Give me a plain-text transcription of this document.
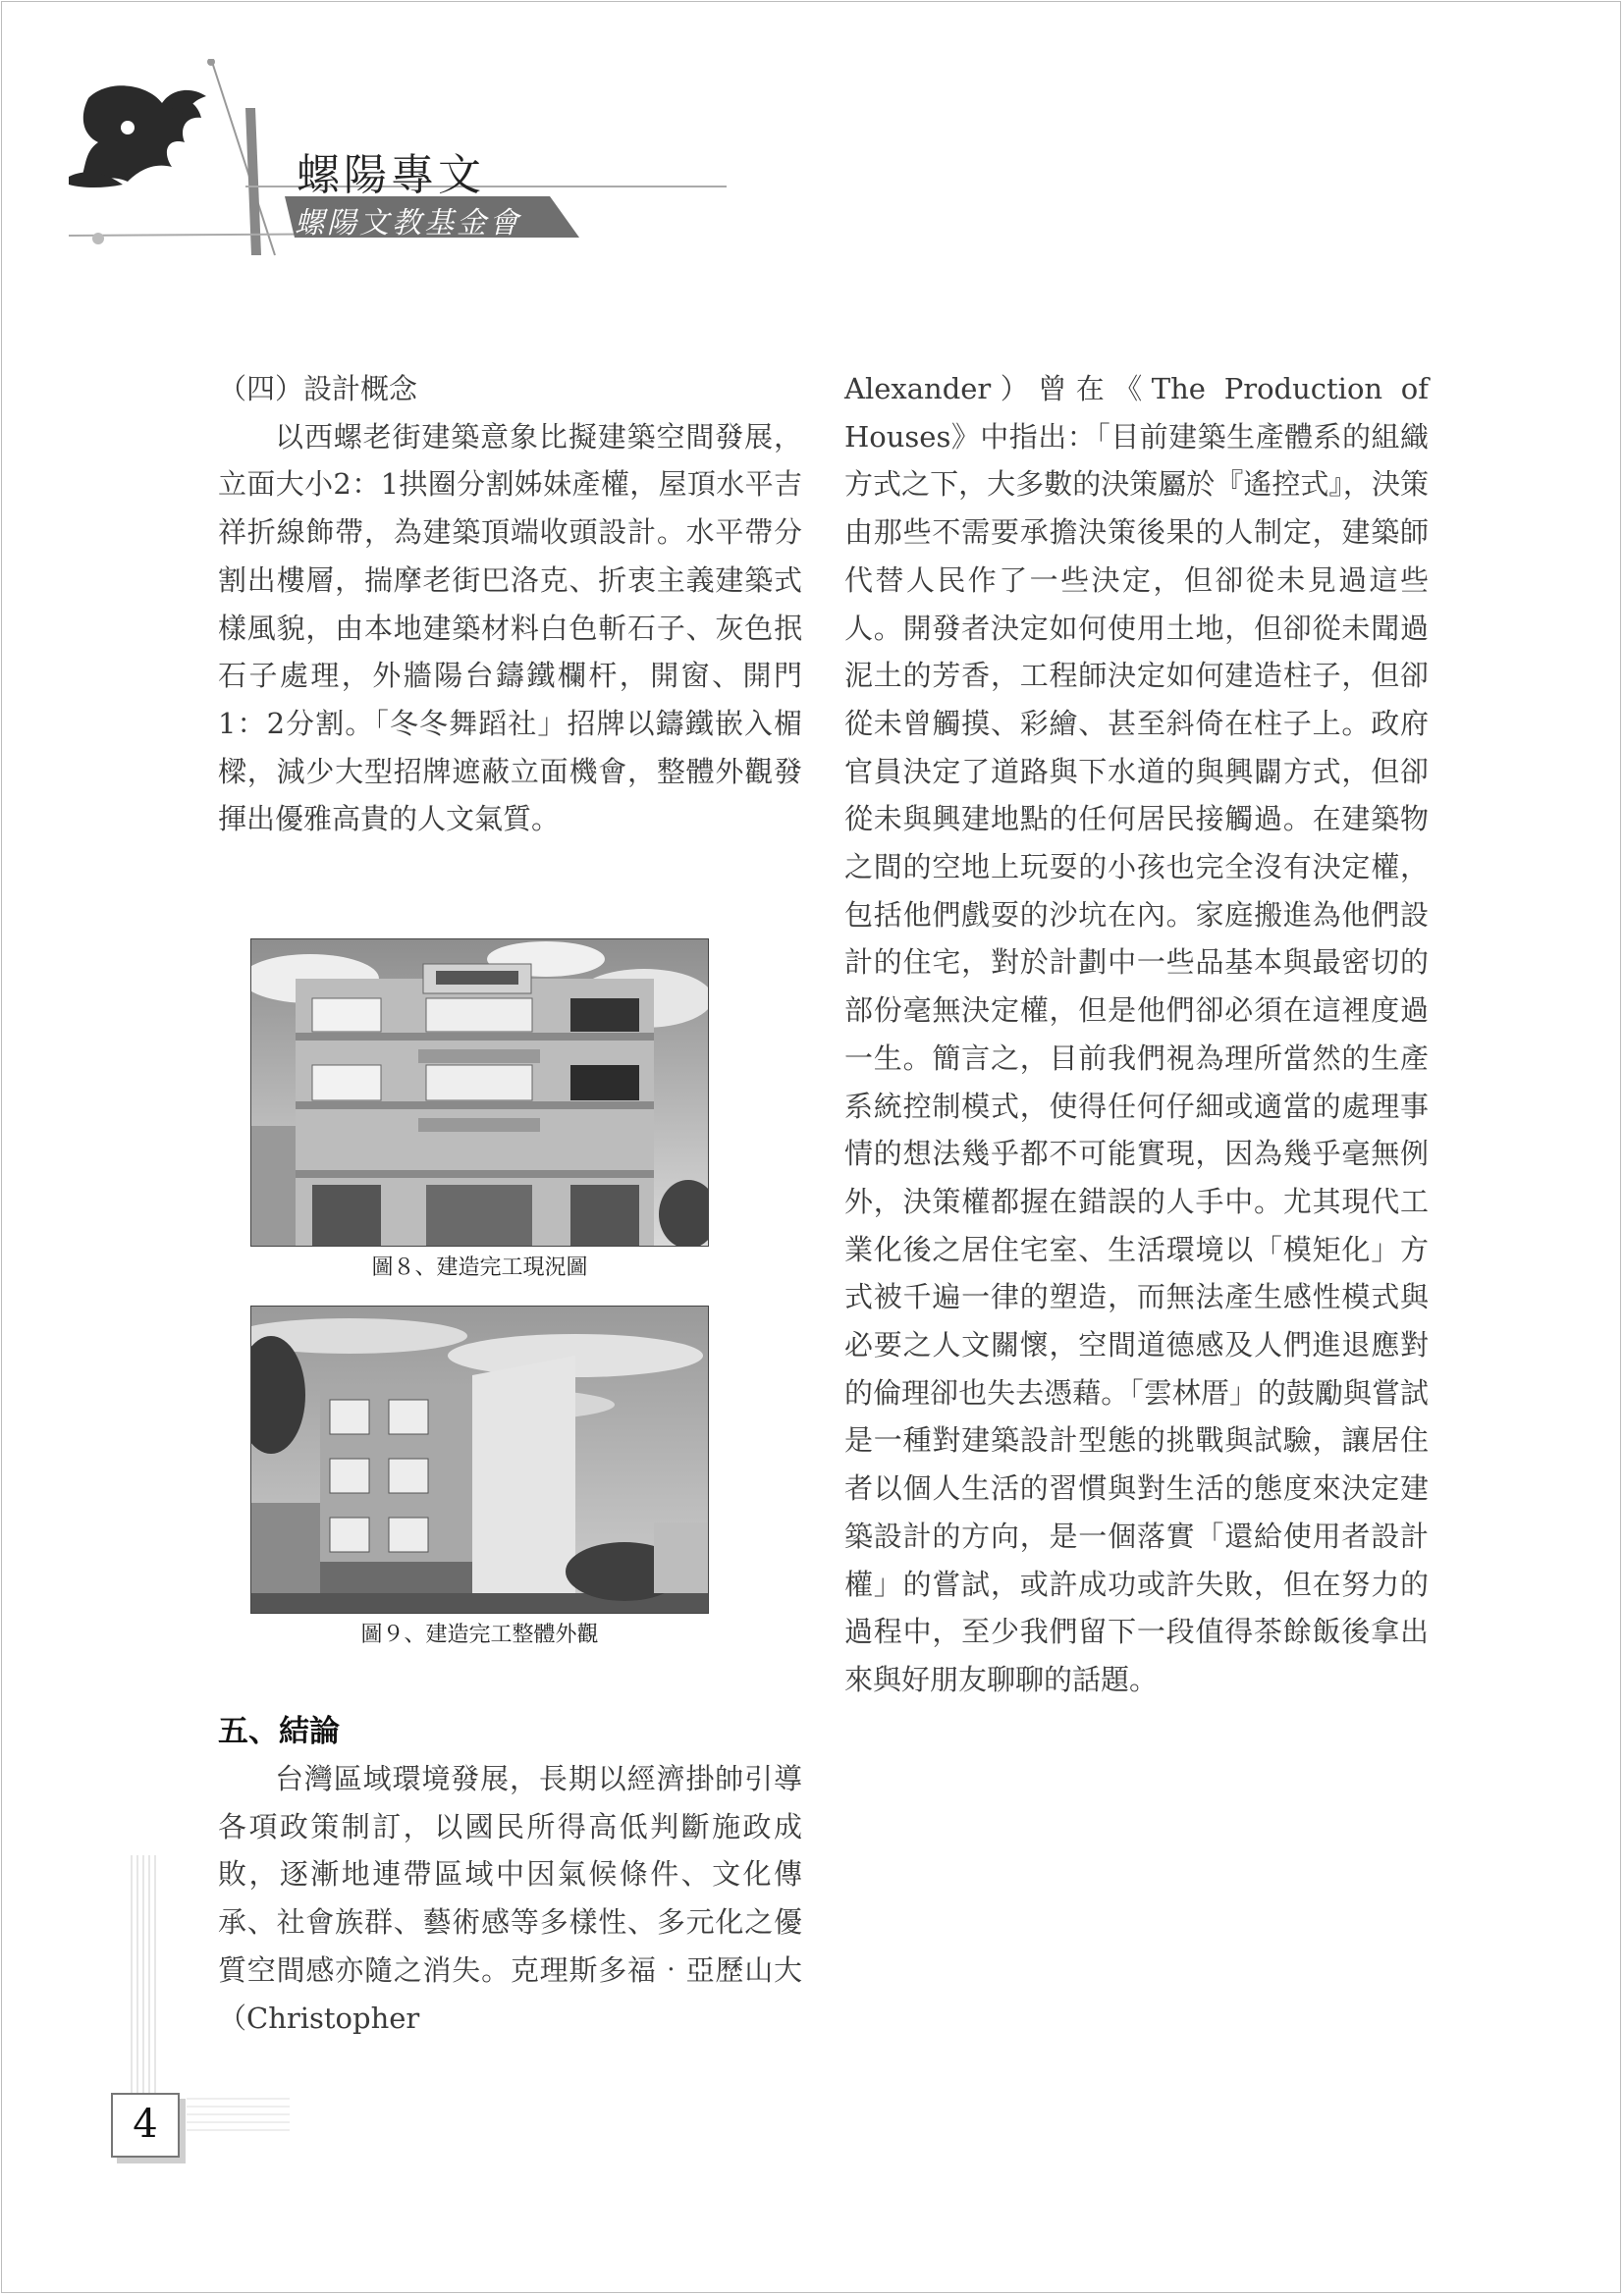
螺陽專文
螺陽文教基金會

（四）設計概念

以西螺老街建築意象比擬建築空間發展，立面大小2：1拱圈分割姊妹產權，屋頂水平吉祥折線飾帶，為建築頂端收頭設計。水平帶分割出樓層，揣摩老街巴洛克、折衷主義建築式樣風貌，由本地建築材料白色斬石子、灰色抿石子處理，外牆陽台鑄鐵欄杆，開窗、開門1：2分割。「冬冬舞蹈社」招牌以鑄鐵嵌入楣樑，減少大型招牌遮蔽立面機會，整體外觀發揮出優雅高貴的人文氣質。

圖８、建造完工現況圖
圖９、建造完工整體外觀

五、結論

台灣區域環境發展，長期以經濟掛帥引導各項政策制訂，以國民所得高低判斷施政成敗，逐漸地連帶區域中因氣候條件、文化傳承、社會族群、藝術感等多樣性、多元化之優質空間感亦隨之消失。克理斯多福‧亞歷山大（Christopher

Alexander）曾在《The Production of Houses》中指出：「目前建築生產體系的組織方式之下，大多數的決策屬於『遙控式』，決策由那些不需要承擔決策後果的人制定，建築師代替人民作了一些決定，但卻從未見過這些人。開發者決定如何使用土地，但卻從未聞過泥土的芳香，工程師決定如何建造柱子，但卻從未曾觸摸、彩繪、甚至斜倚在柱子上。政府官員決定了道路與下水道的與興闢方式，但卻從未與興建地點的任何居民接觸過。在建築物之間的空地上玩耍的小孩也完全沒有決定權，包括他們戲耍的沙坑在內。家庭搬進為他們設計的住宅，對於計劃中一些品基本與最密切的部份毫無決定權，但是他們卻必須在這裡度過一生。簡言之，目前我們視為理所當然的生產系統控制模式，使得任何仔細或適當的處理事情的想法幾乎都不可能實現，因為幾乎毫無例外，決策權都握在錯誤的人手中。尤其現代工業化後之居住宅室、生活環境以「模矩化」方式被千遍一律的塑造，而無法產生感性模式與必要之人文關懷，空間道德感及人們進退應對的倫理卻也失去憑藉。「雲林厝」的鼓勵與嘗試是一種對建築設計型態的挑戰與試驗，讓居住者以個人生活的習慣與對生活的態度來決定建築設計的方向，是一個落實「還給使用者設計權」的嘗試，或許成功或許失敗，但在努力的過程中，至少我們留下一段值得茶餘飯後拿出來與好朋友聊聊的話題。

4
